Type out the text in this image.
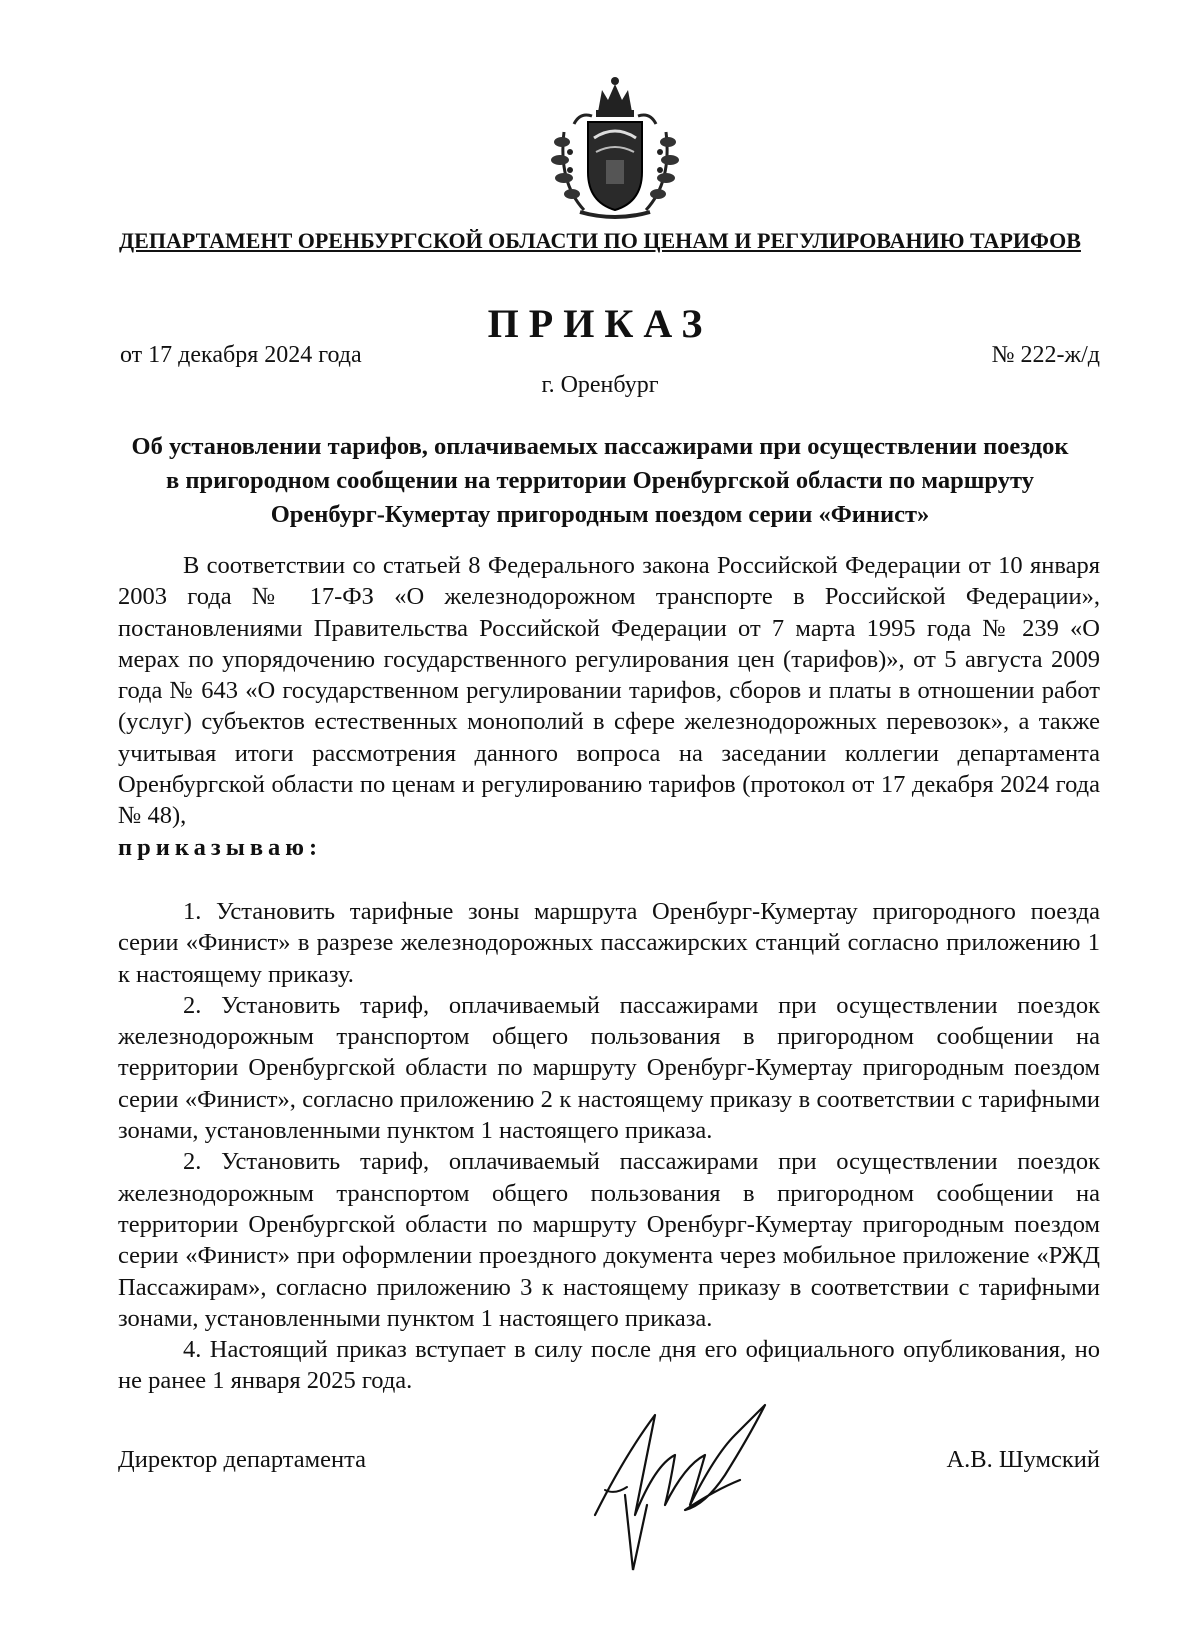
ДЕПАРТАМЕНТ ОРЕНБУРГСКОЙ ОБЛАСТИ ПО ЦЕНАМ И РЕГУЛИРОВАНИЮ ТАРИФОВ
ПРИКАЗ
от 17 декабря 2024 года	№ 222-ж/д
г. Оренбург
Об установлении тарифов, оплачиваемых пассажирами при осуществлении поездок в пригородном сообщении на территории Оренбургской области по маршруту Оренбург-Кумертау пригородным поездом серии «Финист»

В соответствии со статьей 8 Федерального закона Российской Федерации от 10 января 2003 года № 17-ФЗ «О железнодорожном транспорте в Российской Федерации», постановлениями Правительства Российской Федерации от 7 марта 1995 года № 239 «О мерах по упорядочению государственного регулирования цен (тарифов)», от 5 августа 2009 года № 643 «О государственном регулировании тарифов, сборов и платы в отношении работ (услуг) субъектов естественных монополий в сфере железнодорожных перевозок», а также учитывая итоги рассмотрения данного вопроса на заседании коллегии департамента Оренбургской области по ценам и регулированию тарифов (протокол от 17 декабря 2024 года № 48),

приказываю:

1. Установить тарифные зоны маршрута Оренбург-Кумертау пригородного поезда серии «Финист» в разрезе железнодорожных пассажирских станций согласно приложению 1 к настоящему приказу.

2. Установить тариф, оплачиваемый пассажирами при осуществлении поездок железнодорожным транспортом общего пользования в пригородном сообщении на территории Оренбургской области по маршруту Оренбург-Кумертау пригородным поездом серии «Финист», согласно приложению 2 к настоящему приказу в соответствии с тарифными зонами, установленными пунктом 1 настоящего приказа.

2. Установить тариф, оплачиваемый пассажирами при осуществлении поездок железнодорожным транспортом общего пользования в пригородном сообщении на территории Оренбургской области по маршруту Оренбург-Кумертау пригородным поездом серии «Финист» при оформлении проездного документа через мобильное приложение «РЖД Пассажирам», согласно приложению 3 к настоящему приказу в соответствии с тарифными зонами, установленными пунктом 1 настоящего приказа.

4. Настоящий приказ вступает в силу после дня его официального опубликования, но не ранее 1 января 2025 года.

Директор департамента	А.В. Шумский
